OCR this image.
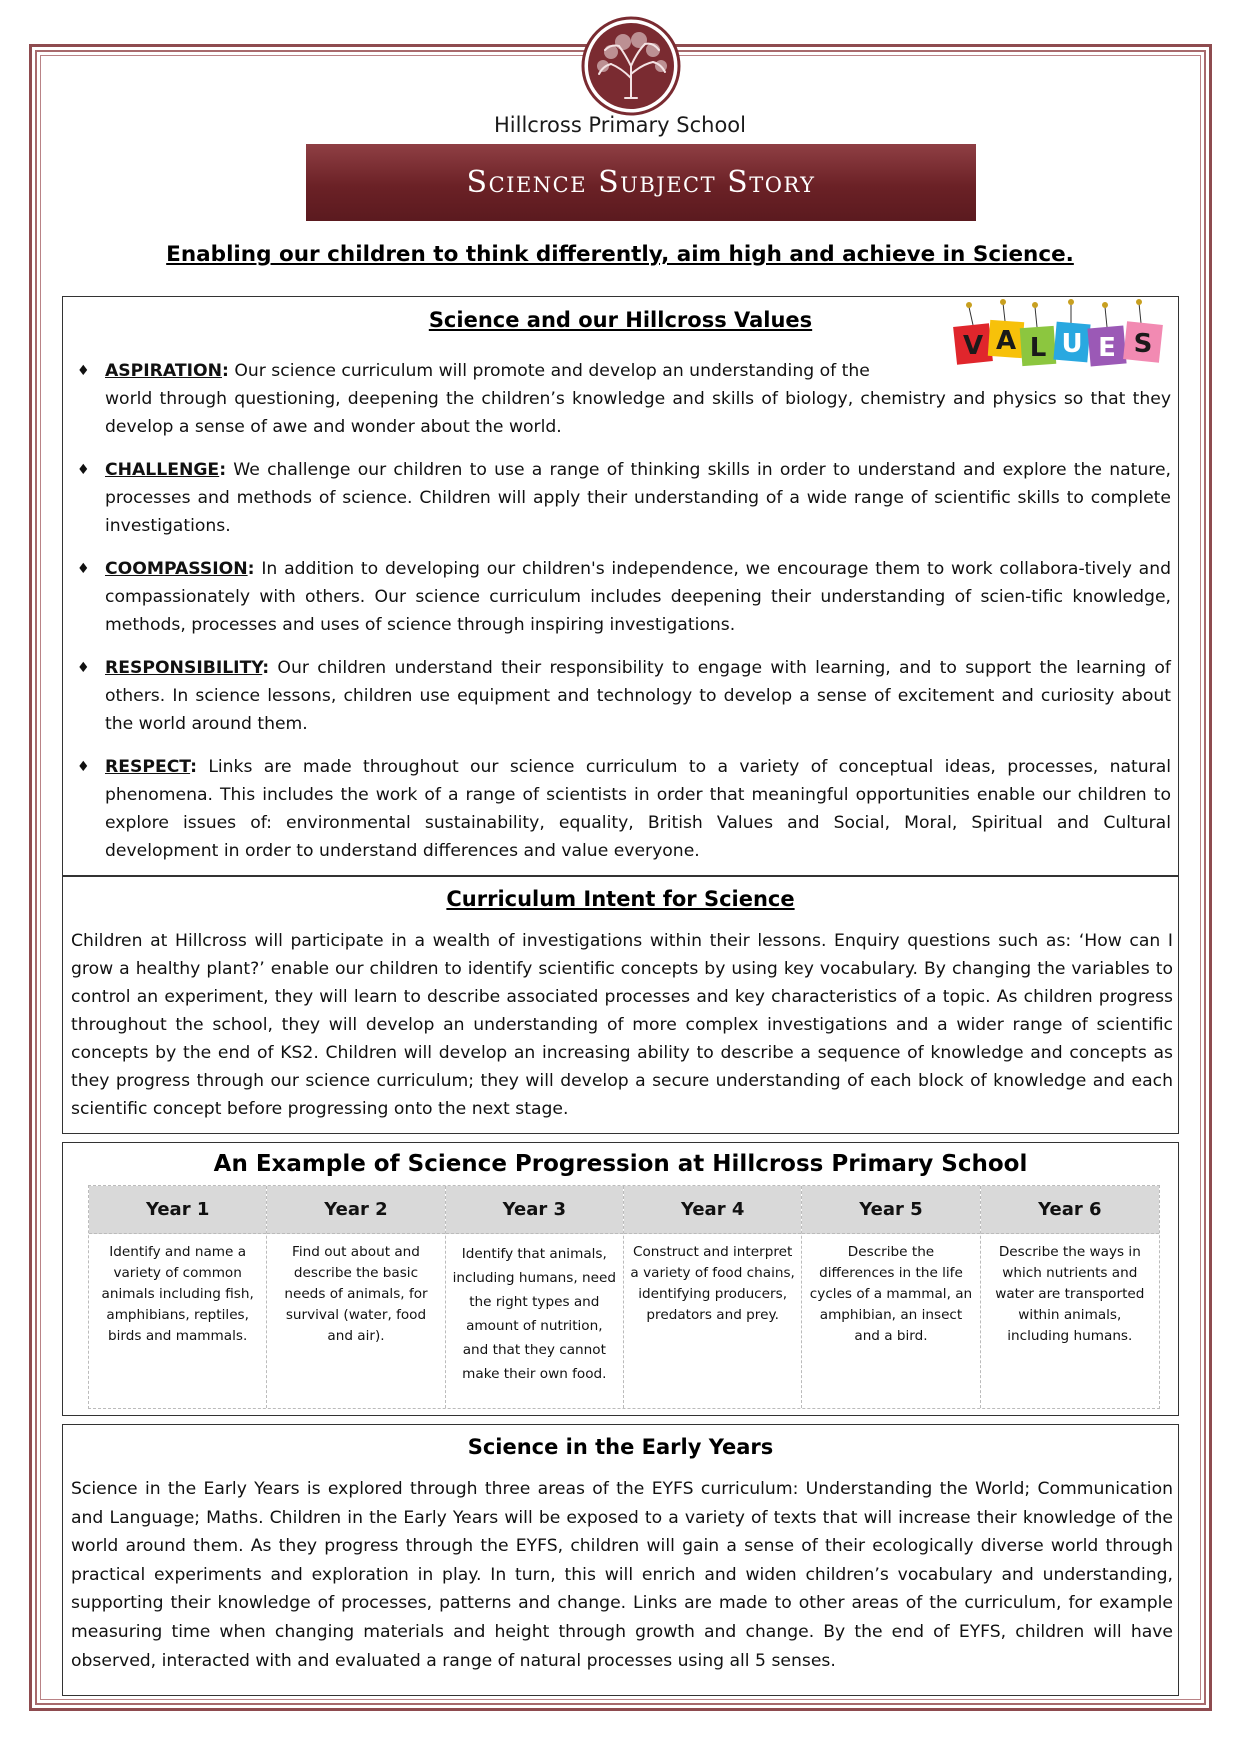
Hillcross Primary School
Science Subject Story
Enabling our children to think differently, aim high and achieve in Science.
Science and our Hillcross Values
V A L U E S
♦ ASPIRATION: Our science curriculum will promote and develop an understanding of the
world through questioning, deepening the children’s knowledge and skills of biology, chemistry and physics so that they develop a sense of awe and wonder about the world.
♦ CHALLENGE: We challenge our children to use a range of thinking skills in order to understand and explore the nature, processes and methods of science. Children will apply their understanding of a wide range of scientific skills to complete investigations.
♦ COOMPASSION: In addition to developing our children's independence, we encourage them to work collabora-tively and compassionately with others. Our science curriculum includes deepening their understanding of scien-tific knowledge, methods, processes and uses of science through inspiring investigations.
♦ RESPONSIBILITY: Our children understand their responsibility to engage with learning, and to support the learning of others. In science lessons, children use equipment and technology to develop a sense of excitement and curiosity about the world around them.
♦ RESPECT: Links are made throughout our science curriculum to a variety of conceptual ideas, processes, natural phenomena. This includes the work of a range of scientists in order that meaningful opportunities enable our children to explore issues of: environmental sustainability, equality, British Values and Social, Moral, Spiritual and Cultural development in order to understand differences and value everyone.
Curriculum Intent for Science

Children at Hillcross will participate in a wealth of investigations within their lessons. Enquiry questions such as: ‘How can I grow a healthy plant?’ enable our children to identify scientific concepts by using key vocabulary. By changing the variables to control an experiment, they will learn to describe associated processes and key characteristics of a topic. As children progress throughout the school, they will develop an understanding of more complex investigations and a wider range of scientific concepts by the end of KS2. Children will develop an increasing ability to describe a sequence of knowledge and concepts as they progress through our science curriculum; they will develop a secure understanding of each block of knowledge and each scientific concept before progressing onto the next stage.

An Example of Science Progression at Hillcross Primary School
Year 1
Identify and name a variety of common animals including fish, amphibians, reptiles, birds and mammals.
Year 2
Find out about and describe the basic needs of animals, for survival (water, food and air).
Year 3
Identify that animals, including humans, need the right types and amount of nutrition, and that they cannot make their own food.
Year 4
Construct and interpret a variety of food chains, identifying producers, predators and prey.
Year 5
Describe the differences in the life cycles of a mammal, an amphibian, an insect and a bird.
Year 6
Describe the ways in which nutrients and water are transported within animals, including humans.
Science in the Early Years

Science in the Early Years is explored through three areas of the EYFS curriculum: Understanding the World; Communication and Language; Maths. Children in the Early Years will be exposed to a variety of texts that will increase their knowledge of the world around them. As they progress through the EYFS, children will gain a sense of their ecologically diverse world through practical experiments and exploration in play. In turn, this will enrich and widen children’s vocabulary and understanding, supporting their knowledge of processes, patterns and change. Links are made to other areas of the curriculum, for example measuring time when changing materials and height through growth and change. By the end of EYFS, children will have observed, interacted with and evaluated a range of natural processes using all 5 senses.
